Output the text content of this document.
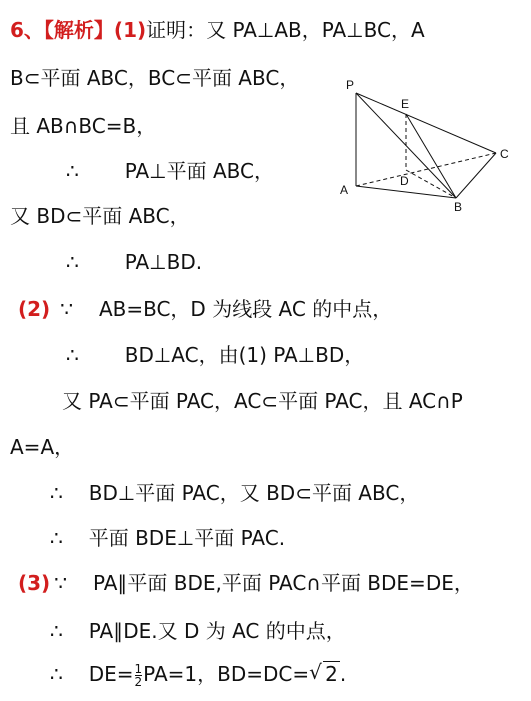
6、【解析】(1)证明：又 PA⊥AB，PA⊥BC，A
B⊂平面 ABC，BC⊂平面 ABC，
且 AB∩BC=B，
∴ PA⊥平面 ABC，
又 BD⊂平面 ABC，
∴ PA⊥BD.
(2) ∵ AB=BC，D 为线段 AC 的中点，
∴ BD⊥AC，由(1) PA⊥BD，
又 PA⊂平面 PAC，AC⊂平面 PAC，且 AC∩P
A=A，
∴ BD⊥平面 PAC，又 BD⊂平面 ABC，
∴ 平面 BDE⊥平面 PAC.
(3) ∵ PA∥平面 BDE,平面 PAC∩平面 BDE=DE，
∴ PA∥DE.又 D 为 AC 的中点，
∴ $DE= \frac{1}{2} PA=1$，BD=DC= √ 2 .
P
E
C
D
A
B
